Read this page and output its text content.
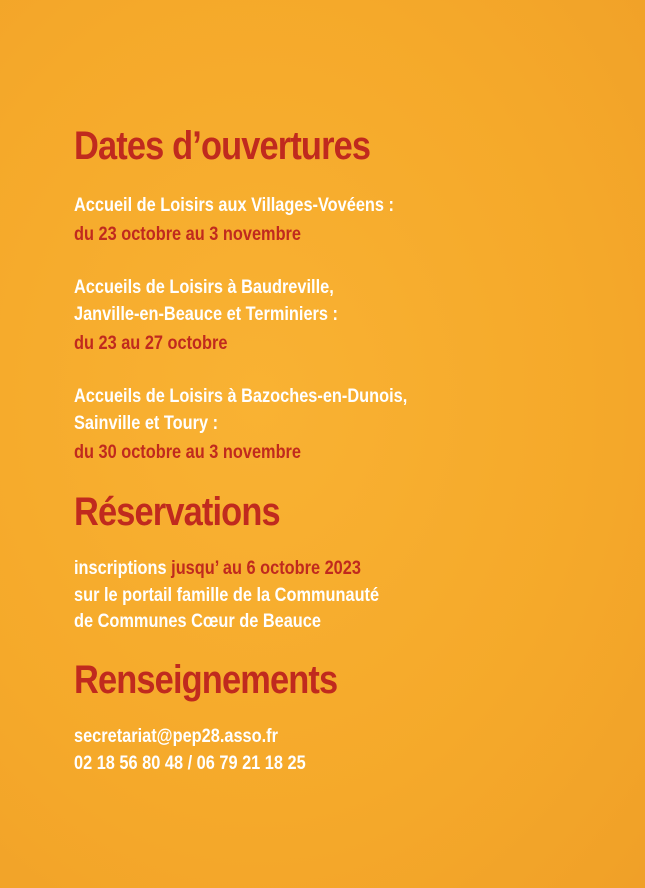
Dates d’ouvertures
Accueil de Loisirs aux Villages-Vovéens :
du 23 octobre au 3 novembre
Accueils de Loisirs à Baudreville,
Janville-en-Beauce et Terminiers :
du 23 au 27 octobre
Accueils de Loisirs à Bazoches-en-Dunois,
Sainville et Toury :
du 30 octobre au 3 novembre
Réservations
inscriptions jusqu’ au 6 octobre 2023
sur le portail famille de la Communauté
de Communes Cœur de Beauce
Renseignements
secretariat@pep28.asso.fr
02 18 56 80 48 / 06 79 21 18 25
